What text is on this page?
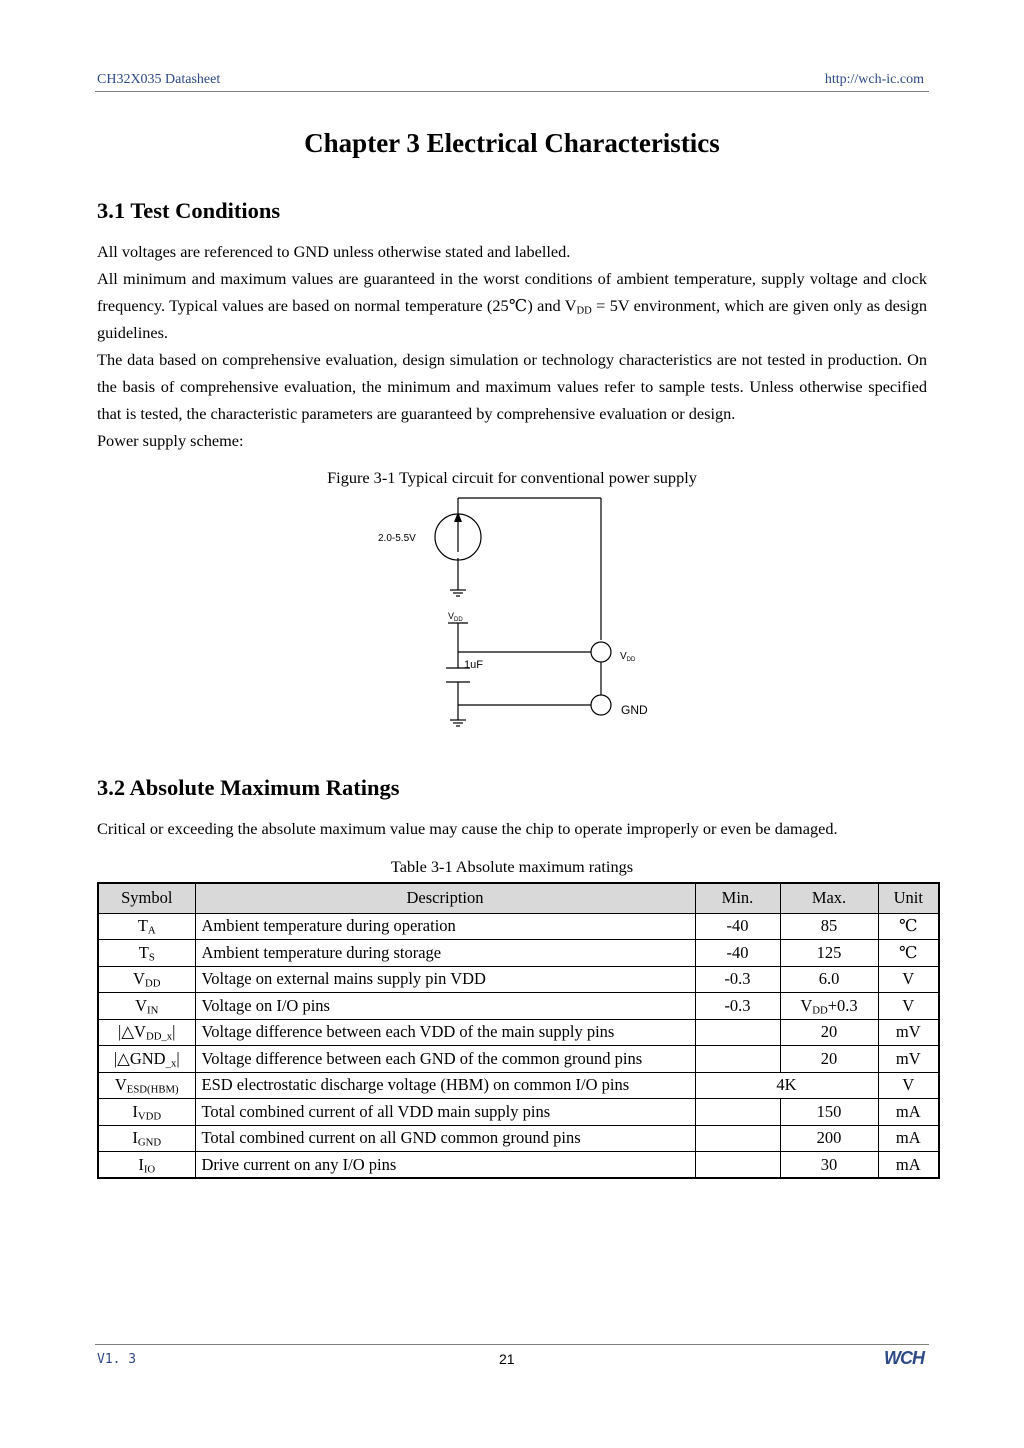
CH32X035 Datasheet	http://wch-ic.com
Chapter 3 Electrical Characteristics
3.1 Test Conditions

All voltages are referenced to GND unless otherwise stated and labelled.

All minimum and maximum values are guaranteed in the worst conditions of ambient temperature, supply voltage and clock frequency. Typical values are based on normal temperature (25℃) and $V_{DD} = 5V$ environment, which are given only as design guidelines.

The data based on comprehensive evaluation, design simulation or technology characteristics are not tested in production. On the basis of comprehensive evaluation, the minimum and maximum values refer to sample tests. Unless otherwise specified that is tested, the characteristic parameters are guaranteed by comprehensive evaluation or design.

Power supply scheme:

Figure 3-1 Typical circuit for conventional power supply
2.0-5.5V
$V_{DD}$
1uF
$V_{DD}$
GND
3.2 Absolute Maximum Ratings

Critical or exceeding the absolute maximum value may cause the chip to operate improperly or even be damaged.

Table 3-1 Absolute maximum ratings
Symbol	Description	Min.	Max.	Unit
$T_A$	Ambient temperature during operation	-40	85	℃
$T_S$	Ambient temperature during storage	-40	125	℃
$V_{DD}$	Voltage on external mains supply pin VDD	-0.3	6.0	V
$V_{IN}$	Voltage on I/O pins	-0.3	$V_{DD}+0.3$	V
$|\triangle V_{DD\_x}|$	Voltage difference between each VDD of the main supply pins		20	mV
$|\triangle GND_{\_x}|$	Voltage difference between each GND of the common ground pins		20	mV
$V_{ESD(HBM)}$	ESD electrostatic discharge voltage (HBM) on common I/O pins	4K		V
$I_{VDD}$	Total combined current of all VDD main supply pins		150	mA
$I_{GND}$	Total combined current on all GND common ground pins		200	mA
$I_{IO}$	Drive current on any I/O pins		30	mA
V1. 3	21	WCH
